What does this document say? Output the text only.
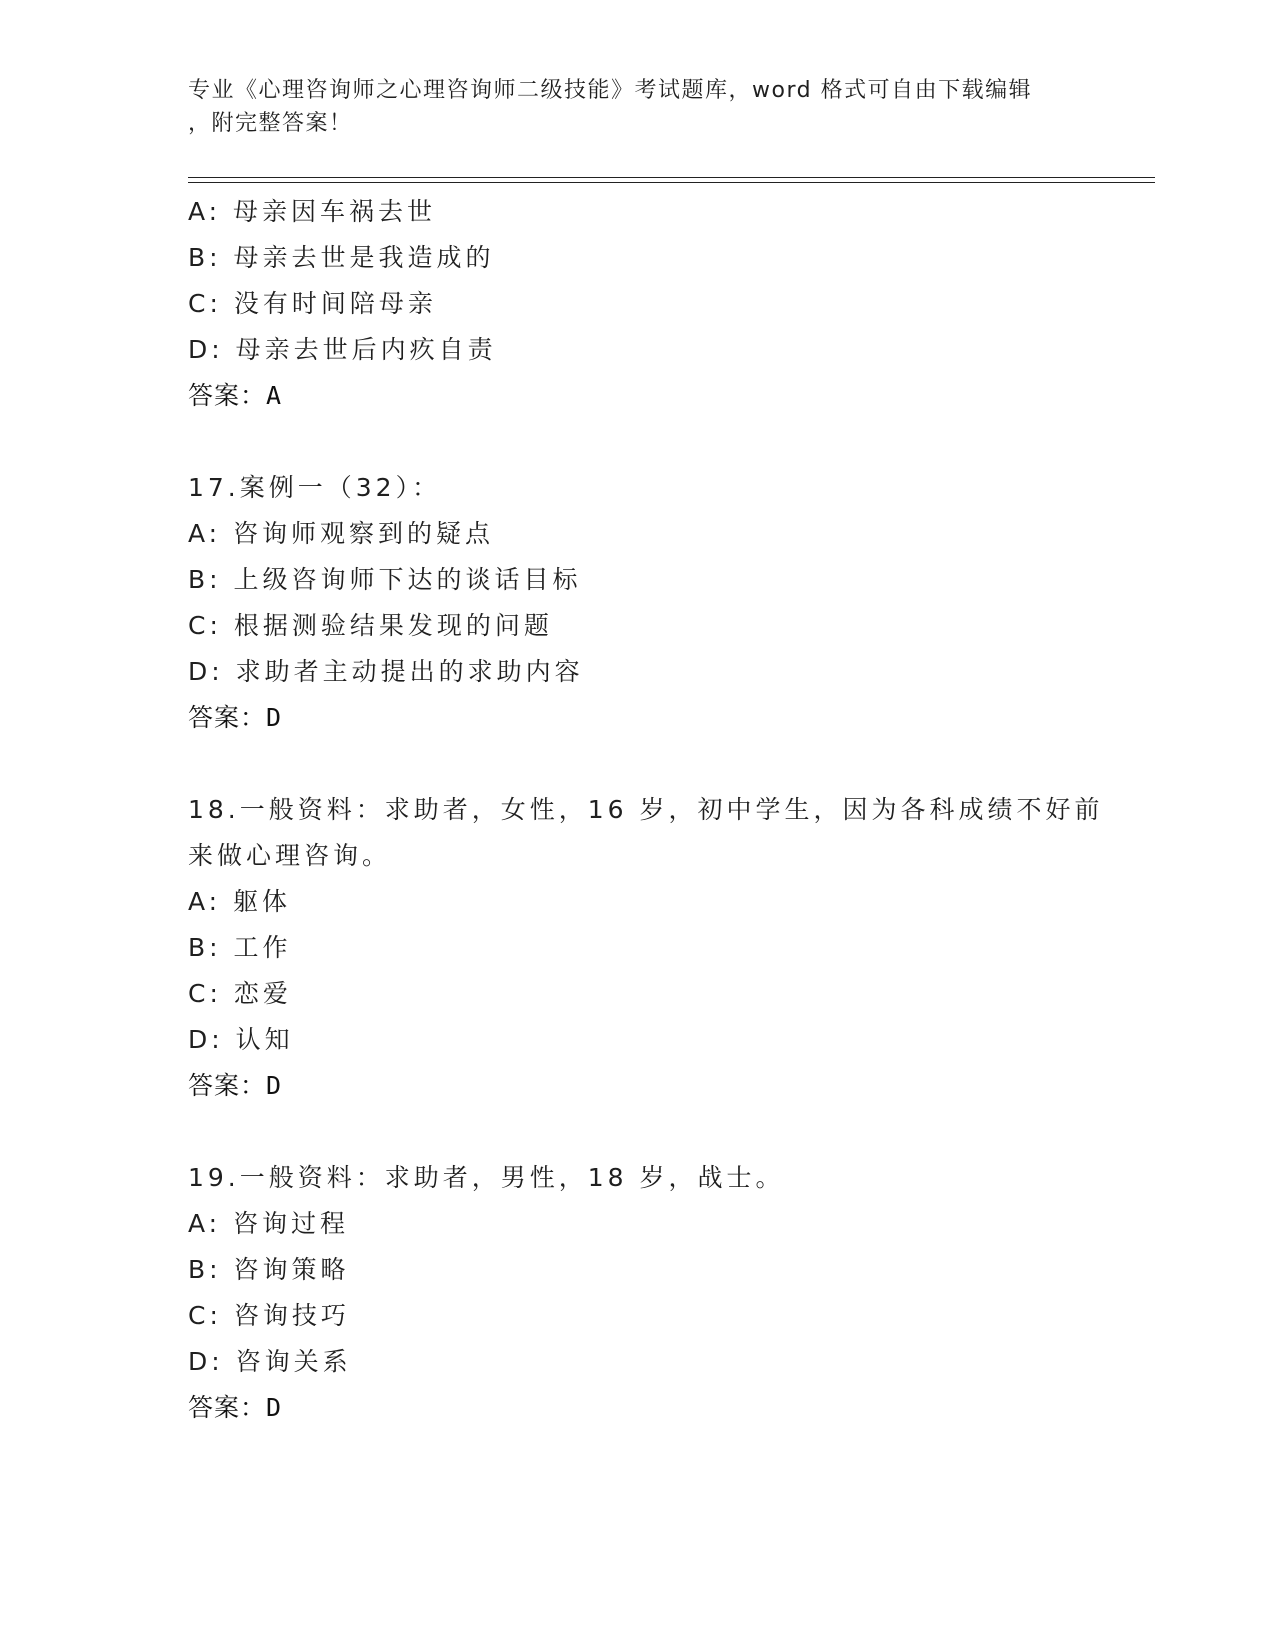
专业《心理咨询师之心理咨询师二级技能》考试题库，word 格式可自由下载编辑
，附完整答案！
A: 母亲因车祸去世
B: 母亲去世是我造成的
C: 没有时间陪母亲
D: 母亲去世后内疚自责
答案：A
17.案例一（32）：
A: 咨询师观察到的疑点
B: 上级咨询师下达的谈话目标
C: 根据测验结果发现的问题
D: 求助者主动提出的求助内容
答案：D
18.一般资料：求助者，女性，16 岁，初中学生，因为各科成绩不好前
来做心理咨询。
A: 躯体
B: 工作
C: 恋爱
D: 认知
答案：D
19.一般资料：求助者，男性，18 岁，战士。
A: 咨询过程
B: 咨询策略
C: 咨询技巧
D: 咨询关系
答案：D
